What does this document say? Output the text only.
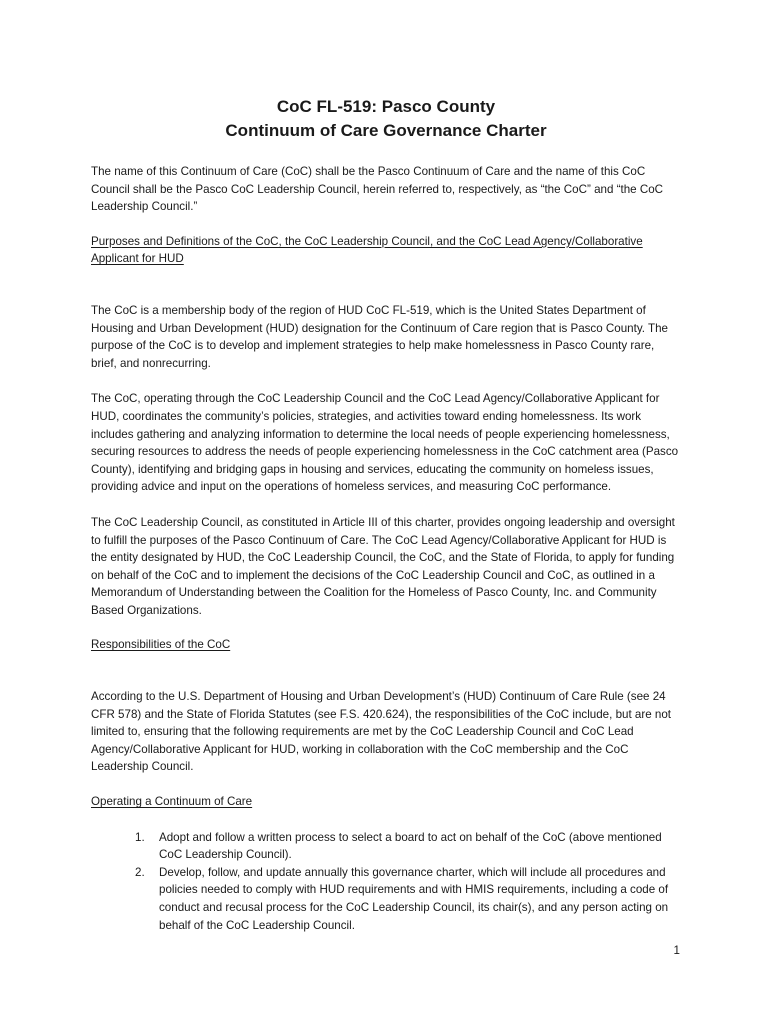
CoC FL-519: Pasco County
Continuum of Care Governance Charter

The name of this Continuum of Care (CoC) shall be the Pasco Continuum of Care and the name of this CoC Council shall be the Pasco CoC Leadership Council, herein referred to, respectively, as “the CoC” and “the CoC Leadership Council.”

Purposes and Definitions of the CoC, the CoC Leadership Council, and the CoC Lead Agency/Collaborative Applicant for HUD

The CoC is a membership body of the region of HUD CoC FL-519, which is the United States Department of Housing and Urban Development (HUD) designation for the Continuum of Care region that is Pasco County. The purpose of the CoC is to develop and implement strategies to help make homelessness in Pasco County rare, brief, and nonrecurring.

The CoC, operating through the CoC Leadership Council and the CoC Lead Agency/Collaborative Applicant for HUD, coordinates the community’s policies, strategies, and activities toward ending homelessness. Its work includes gathering and analyzing information to determine the local needs of people experiencing homelessness, securing resources to address the needs of people experiencing homelessness in the CoC catchment area (Pasco County), identifying and bridging gaps in housing and services, educating the community on homeless issues, providing advice and input on the operations of homeless services, and measuring CoC performance.

The CoC Leadership Council, as constituted in Article III of this charter, provides ongoing leadership and oversight to fulfill the purposes of the Pasco Continuum of Care. The CoC Lead Agency/Collaborative Applicant for HUD is the entity designated by HUD, the CoC Leadership Council, the CoC, and the State of Florida, to apply for funding on behalf of the CoC and to implement the decisions of the CoC Leadership Council and CoC, as outlined in a Memorandum of Understanding between the Coalition for the Homeless of Pasco County, Inc. and Community Based Organizations.

Responsibilities of the CoC

According to the U.S. Department of Housing and Urban Development’s (HUD) Continuum of Care Rule (see 24 CFR 578) and the State of Florida Statutes (see F.S. 420.624), the responsibilities of the CoC include, but are not limited to, ensuring that the following requirements are met by the CoC Leadership Council and CoC Lead Agency/Collaborative Applicant for HUD, working in collaboration with the CoC membership and the CoC Leadership Council.

Operating a Continuum of Care

1. Adopt and follow a written process to select a board to act on behalf of the CoC (above mentioned CoC Leadership Council).
2. Develop, follow, and update annually this governance charter, which will include all procedures and policies needed to comply with HUD requirements and with HMIS requirements, including a code of conduct and recusal process for the CoC Leadership Council, its chair(s), and any person acting on behalf of the CoC Leadership Council.
1
